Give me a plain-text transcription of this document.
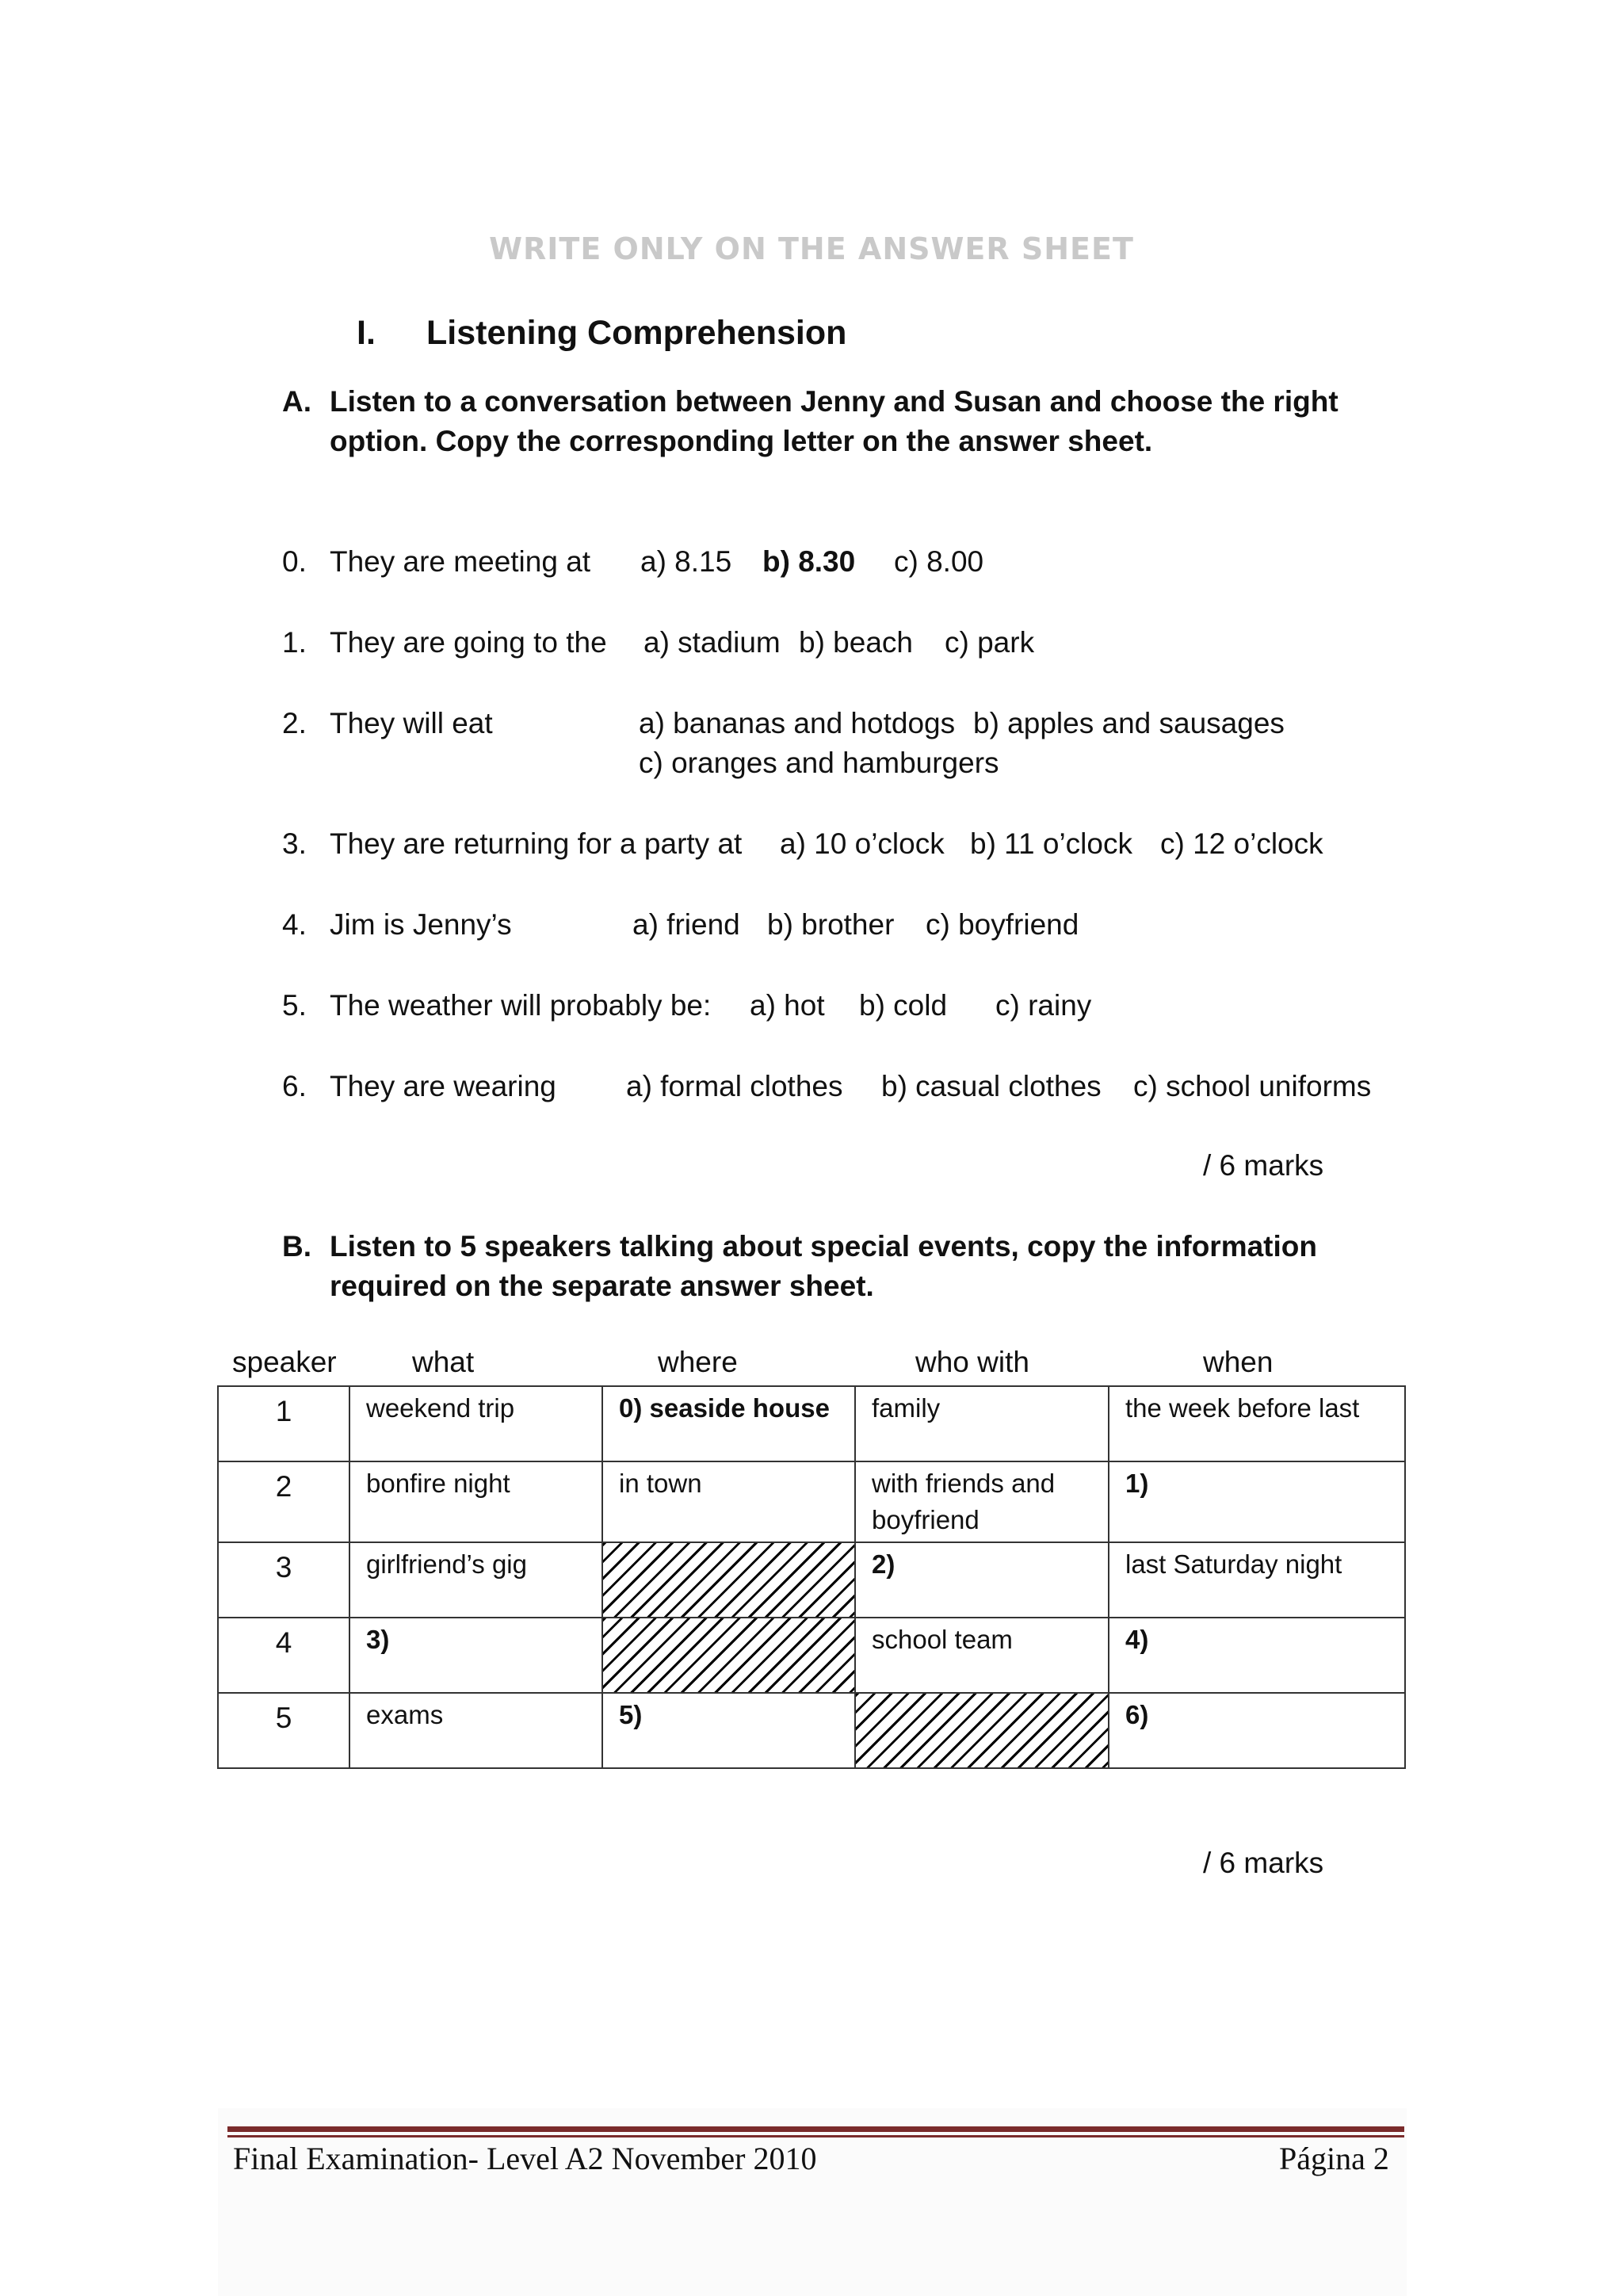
WRITE ONLY ON THE ANSWER SHEET
I. Listening Comprehension
A. Listen to a conversation between Jenny and Susan and choose the right option. Copy the corresponding letter on the answer sheet.
0. They are meeting at a) 8.15 b) 8.30 c) 8.00
1. They are going to the a) stadium b) beach c) park
2. They will eat	a) bananas and hotdogs b) apples and sausages
c) oranges and hamburgers
3. They are returning for a party at a) 10 o’clock b) 11 o’clock c) 12 o’clock
4. Jim is Jenny’s	a) friend b) brother c) boyfriend
5. The weather will probably be: a) hot b) cold c) rainy
6. They are wearing a) formal clothes b) casual clothes c) school uniforms
/ 6 marks
B. Listen to 5 speakers talking about special events, copy the information required on the separate answer sheet.
speaker	what	where	who with	when
1	weekend trip	0) seaside house	family	the week before last
2	bonfire night	in town	with friends and boyfriend	1)
3	girlfriend’s gig		2)	last Saturday night
4	3)		school team	4)
5	exams	5)		6)
/ 6 marks
Final Examination- Level A2 November 2010	Página 2
